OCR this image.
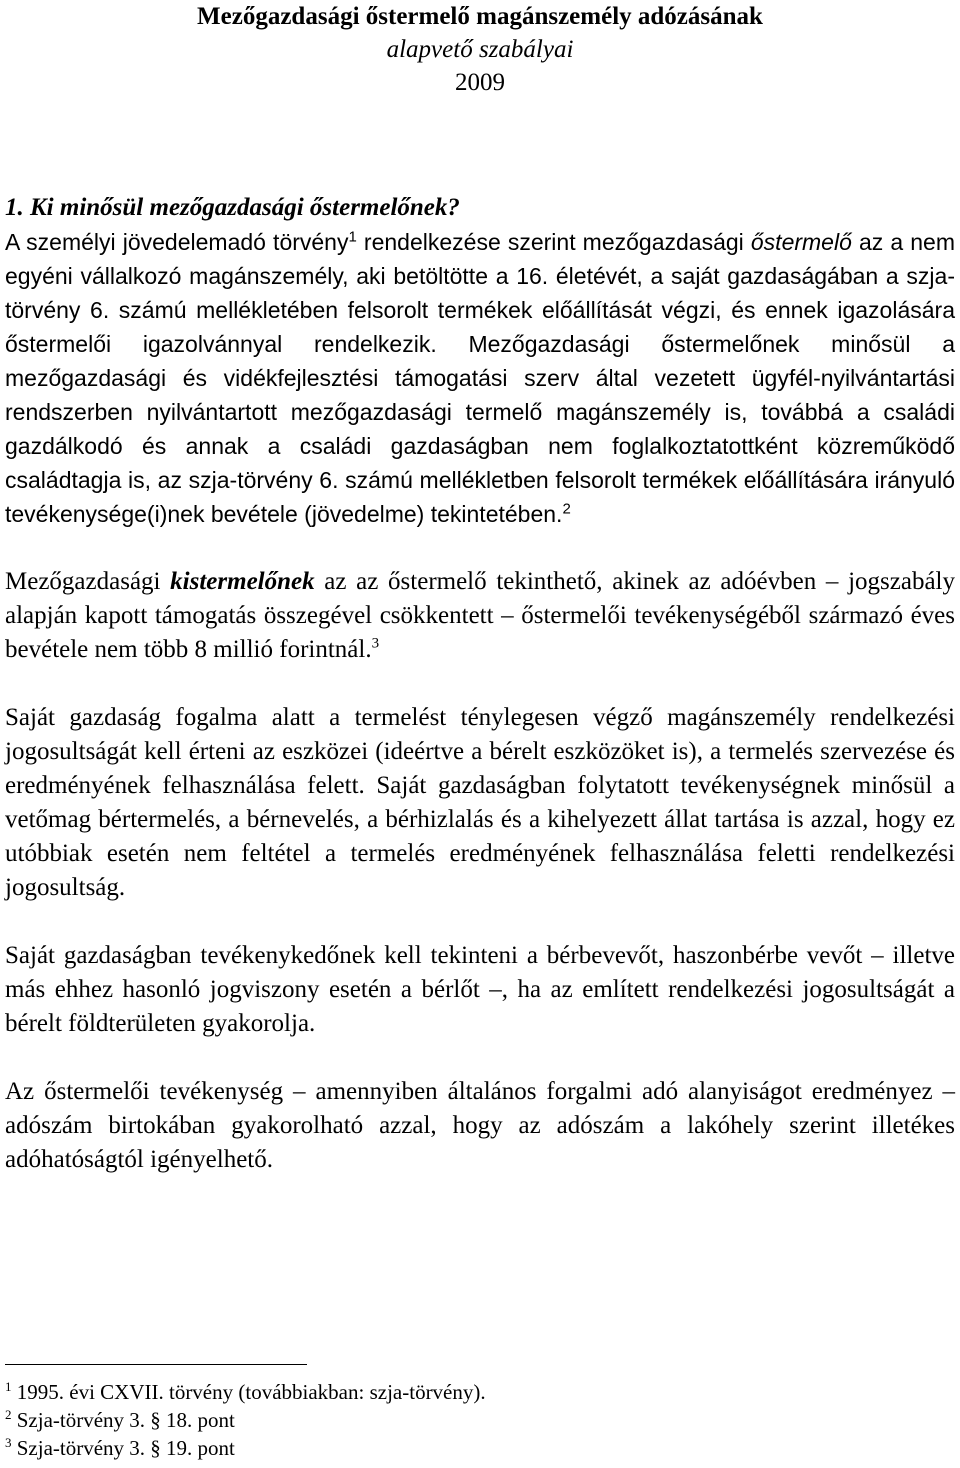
Mezőgazdasági őstermelő magánszemély adózásának
alapvető szabályai
2009
1. Ki minősül mezőgazdasági őstermelőnek?

A személyi jövedelemadó törvény$^1$ rendelkezése szerint mezőgazdasági őstermelő az a nem egyéni vállalkozó magánszemély, aki betöltötte a 16. életévét, a saját gazdaságában a szja-törvény 6. számú mellékletében felsorolt termékek előállítását végzi, és ennek igazolására őstermelői igazolvánnyal rendelkezik. Mezőgazdasági őstermelőnek minősül a mezőgazdasági és vidékfejlesztési támogatási szerv által vezetett ügyfél-nyilvántartási rendszerben nyilvántartott mezőgazdasági termelő magánszemély is, továbbá a családi gazdálkodó és annak a családi gazdaságban nem foglalkoztatottként közreműködő családtagja is, az szja-törvény 6. számú mellékletben felsorolt termékek előállítására irányuló tevékenysége(i)nek bevétele (jövedelme) tekintetében.$^2$

Mezőgazdasági kistermelőnek az az őstermelő tekinthető, akinek az adóévben – jogszabály alapján kapott támogatás összegével csökkentett – őstermelői tevékenységéből származó éves bevétele nem több 8 millió forintnál.$^3$

Saját gazdaság fogalma alatt a termelést ténylegesen végző magánszemély rendelkezési jogosultságát kell érteni az eszközei (ideértve a bérelt eszközöket is), a termelés szervezése és eredményének felhasználása felett. Saját gazdaságban folytatott tevékenységnek minősül a vetőmag bértermelés, a bérnevelés, a bérhizlalás és a kihelyezett állat tartása is azzal, hogy ez utóbbiak esetén nem feltétel a termelés eredményének felhasználása feletti rendelkezési jogosultság.

Saját gazdaságban tevékenykedőnek kell tekinteni a bérbevevőt, haszonbérbe vevőt – illetve más ehhez hasonló jogviszony esetén a bérlőt –, ha az említett rendelkezési jogosultságát a bérelt földterületen gyakorolja.

Az őstermelői tevékenység – amennyiben általános forgalmi adó alanyiságot eredményez – adószám birtokában gyakorolható azzal, hogy az adószám a lakóhely szerint illetékes adóhatóságtól igényelhető.

$^1$ 1995. évi CXVII. törvény (továbbiakban: szja-törvény).

$^2$ Szja-törvény 3. § 18. pont

$^3$ Szja-törvény 3. § 19. pont
